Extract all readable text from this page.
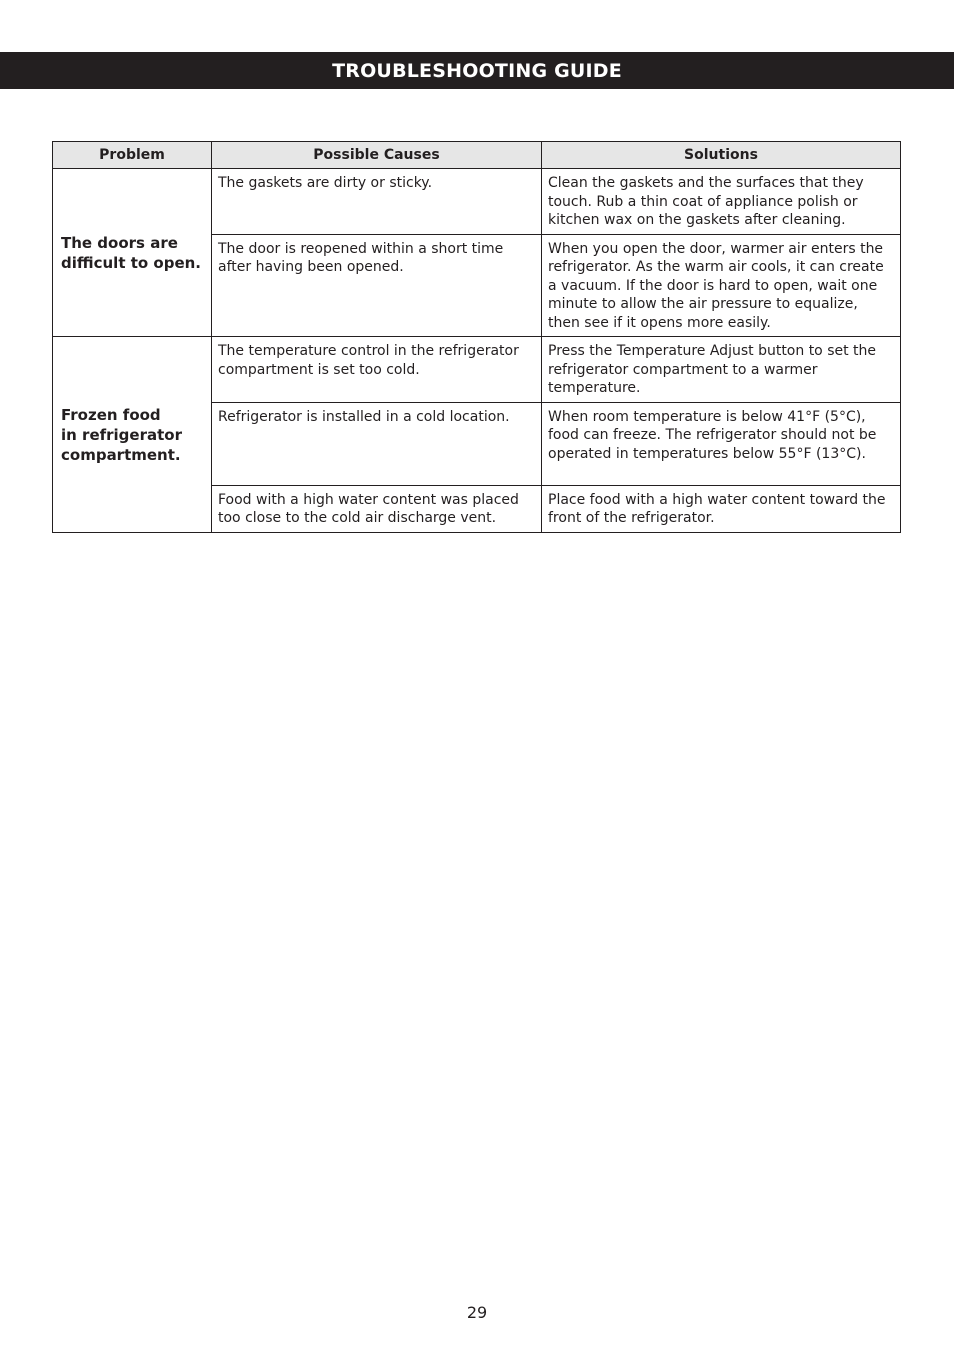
TROUBLESHOOTING GUIDE
Problem	Possible Causes	Solutions
The doors are
difficult to open.	The gaskets are dirty or sticky.	Clean the gaskets and the surfaces that they touch. Rub a thin coat of appliance polish or kitchen wax on the gaskets after cleaning.
	The door is reopened within a short time after having been opened.	When you open the door, warmer air enters the refrigerator. As the warm air cools, it can create a vacuum. If the door is hard to open, wait one minute to allow the air pressure to equalize, then see if it opens more easily.
Frozen food
in refrigerator
compartment.	The temperature control in the refrigerator compartment is set too cold.	Press the Temperature Adjust button to set the refrigerator compartment to a warmer temperature.
	Refrigerator is installed in a cold location.	When room temperature is below 41°F (5°C), food can freeze. The refrigerator should not be operated in temperatures below 55°F (13°C).
	Food with a high water content was placed too close to the cold air discharge vent.	Place food with a high water content toward the front of the refrigerator.
29
